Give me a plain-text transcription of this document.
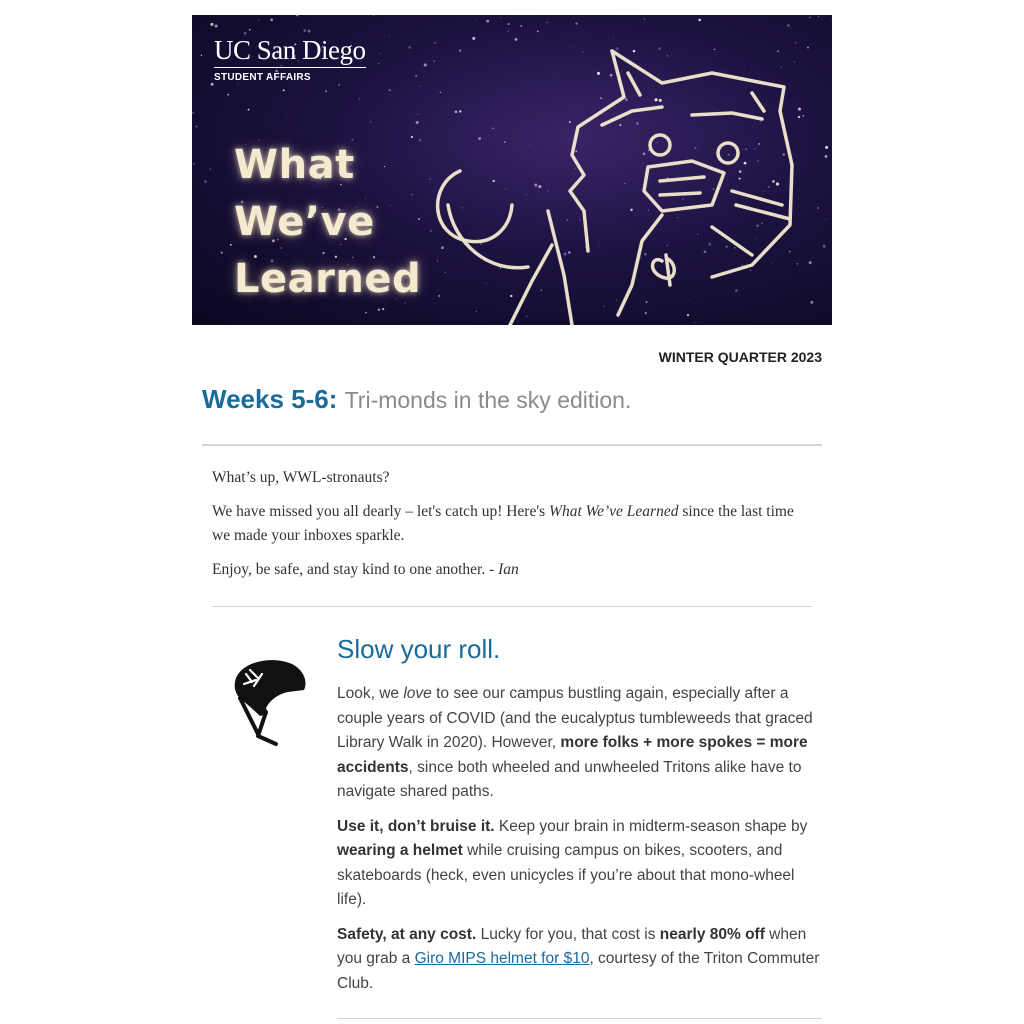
UC San Diego
STUDENT AFFAIRS
What
We’ve
Learned
WINTER QUARTER 2023
Weeks 5-6: Tri-monds in the sky edition.

What’s up, WWL-stronauts?

We have missed you all dearly – let's catch up! Here's What We’ve Learned since the last time we made your inboxes sparkle.

Enjoy, be safe, and stay kind to one another. - Ian

Slow your roll.

Look, we love to see our campus bustling again, especially after a couple years of COVID (and the eucalyptus tumbleweeds that graced Library Walk in 2020). However, more folks + more spokes = more accidents, since both wheeled and unwheeled Tritons alike have to navigate shared paths.

Use it, don’t bruise it. Keep your brain in midterm-season shape by wearing a helmet while cruising campus on bikes, scooters, and skateboards (heck, even unicycles if you’re about that mono-wheel life).

Safety, at any cost. Lucky for you, that cost is nearly 80% off when you grab a Giro MIPS helmet for $10, courtesy of the Triton Commuter Club.
